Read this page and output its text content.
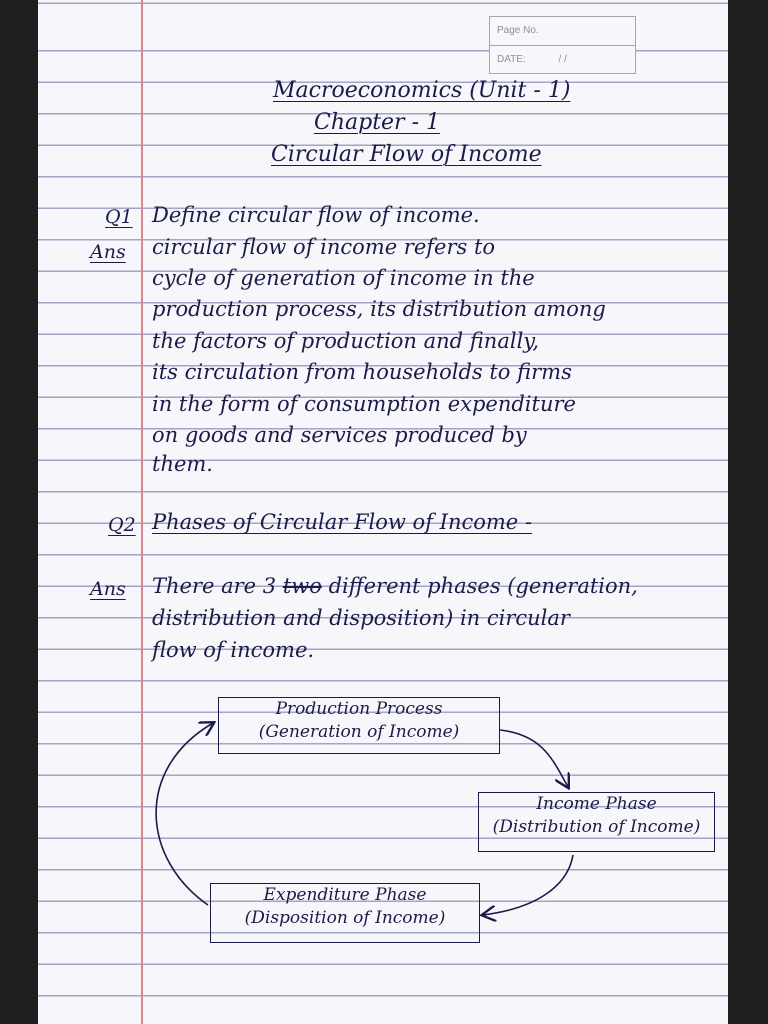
Page No.
DATE:	/ /
Macroeconomics (Unit - 1)
Chapter - 1
Circular Flow of Income
Q1 Define circular flow of income.
Ans circular flow of income refers to
cycle of generation of income in the
production process, its distribution among
the factors of production and finally,
its circulation from households to firms
in the form of consumption expenditure
on goods and services produced by
them.
Q2 Phases of Circular Flow of Income -
Ans There are 3 two different phases (generation,
distribution and disposition) in circular
flow of income.
Production Process
(Generation of Income)
Income Phase
(Distribution of Income)
Expenditure Phase
(Disposition of Income)
